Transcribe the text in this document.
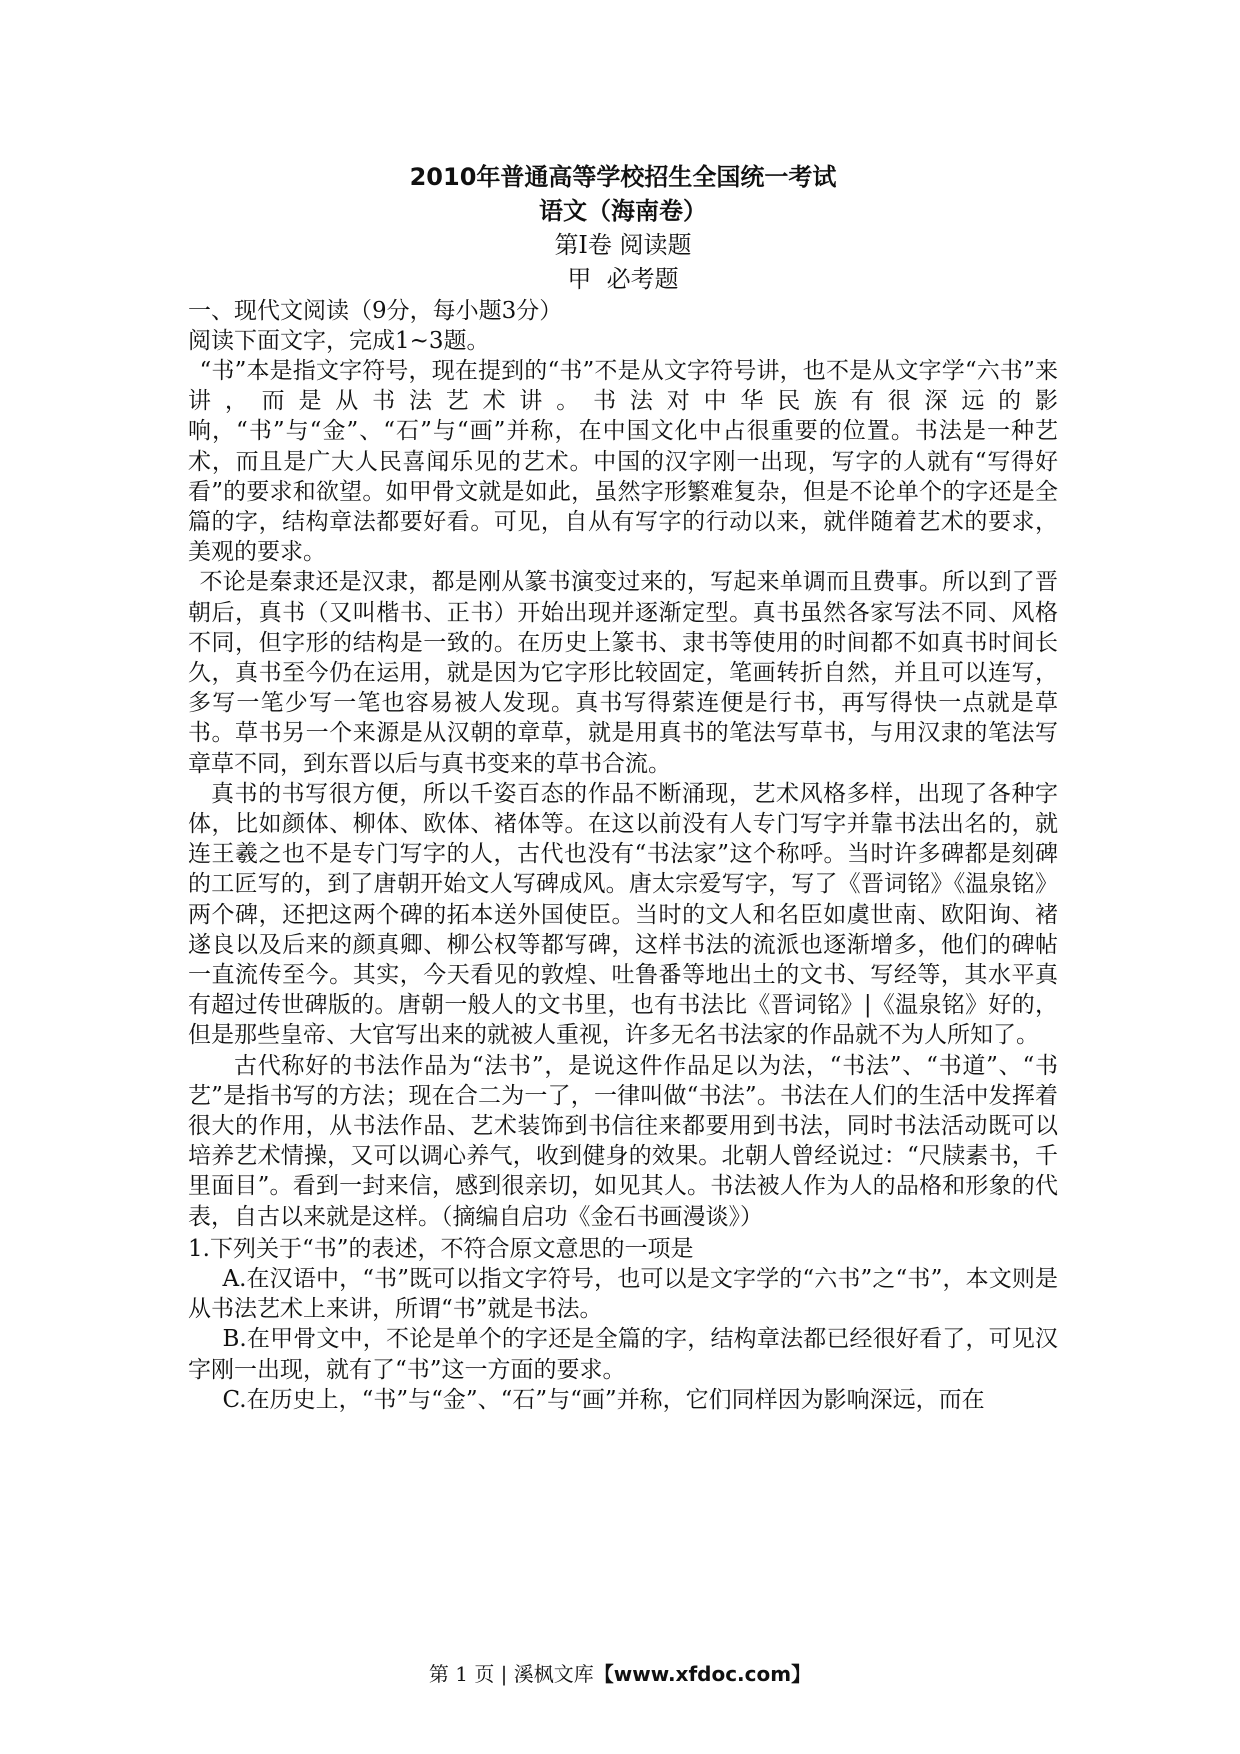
2010年普通高等学校招生全国统一考试

语文（海南卷）

第Ⅰ卷 阅读题

甲  必考题

一、现代文阅读（9分，每小题3分）

阅读下面文字，完成1~3题。

“书”本是指文字符号，现在提到的“书”不是从文字符号讲，也不是从文字学“六书”来讲，而是从书法艺术讲。书法对中华民族有很深远的影响，“书”与“金”、“石”与“画”并称，在中国文化中占很重要的位置。书法是一种艺术，而且是广大人民喜闻乐见的艺术。中国的汉字刚一出现，写字的人就有“写得好看”的要求和欲望。如甲骨文就是如此，虽然字形繁难复杂，但是不论单个的字还是全篇的字，结构章法都要好看。可见，自从有写字的行动以来，就伴随着艺术的要求，美观的要求。

不论是秦隶还是汉隶，都是刚从篆书演变过来的，写起来单调而且费事。所以到了晋朝后，真书（又叫楷书、正书）开始出现并逐渐定型。真书虽然各家写法不同、风格不同，但字形的结构是一致的。在历史上篆书、隶书等使用的时间都不如真书时间长久，真书至今仍在运用，就是因为它字形比较固定，笔画转折自然，并且可以连写，多写一笔少写一笔也容易被人发现。真书写得萦连便是行书，再写得快一点就是草书。草书另一个来源是从汉朝的章草，就是用真书的笔法写草书，与用汉隶的笔法写章草不同，到东晋以后与真书变来的草书合流。

真书的书写很方便，所以千姿百态的作品不断涌现，艺术风格多样，出现了各种字体，比如颜体、柳体、欧体、褚体等。在这以前没有人专门写字并靠书法出名的，就连王羲之也不是专门写字的人，古代也没有“书法家”这个称呼。当时许多碑都是刻碑的工匠写的，到了唐朝开始文人写碑成风。唐太宗爱写字，写了《晋词铭》《温泉铭》两个碑，还把这两个碑的拓本送外国使臣。当时的文人和名臣如虞世南、欧阳询、褚遂良以及后来的颜真卿、柳公权等都写碑，这样书法的流派也逐渐增多，他们的碑帖一直流传至今。其实，今天看见的敦煌、吐鲁番等地出土的文书、写经等，其水平真有超过传世碑版的。唐朝一般人的文书里，也有书法比《晋词铭》|《温泉铭》好的，但是那些皇帝、大官写出来的就被人重视，许多无名书法家的作品就不为人所知了。

古代称好的书法作品为“法书”，是说这件作品足以为法，“书法”、“书道”、“书艺”是指书写的方法；现在合二为一了，一律叫做“书法”。书法在人们的生活中发挥着很大的作用，从书法作品、艺术装饰到书信往来都要用到书法，同时书法活动既可以培养艺术情操，又可以调心养气，收到健身的效果。北朝人曾经说过：“尺牍素书，千里面目”。看到一封来信，感到很亲切，如见其人。书法被人作为人的品格和形象的代表，自古以来就是这样。（摘编自启功《金石书画漫谈》）

1.下列关于“书”的表述，不符合原文意思的一项是

A.在汉语中，“书”既可以指文字符号，也可以是文字学的“六书”之“书”，本文则是从书法艺术上来讲，所谓“书”就是书法。

B.在甲骨文中，不论是单个的字还是全篇的字，结构章法都已经很好看了，可见汉字刚一出现，就有了“书”这一方面的要求。

C.在历史上，“书”与“金”、“石”与“画”并称，它们同样因为影响深远，而在

第 1 页 | 溪枫文库【www.xfdoc.com】
